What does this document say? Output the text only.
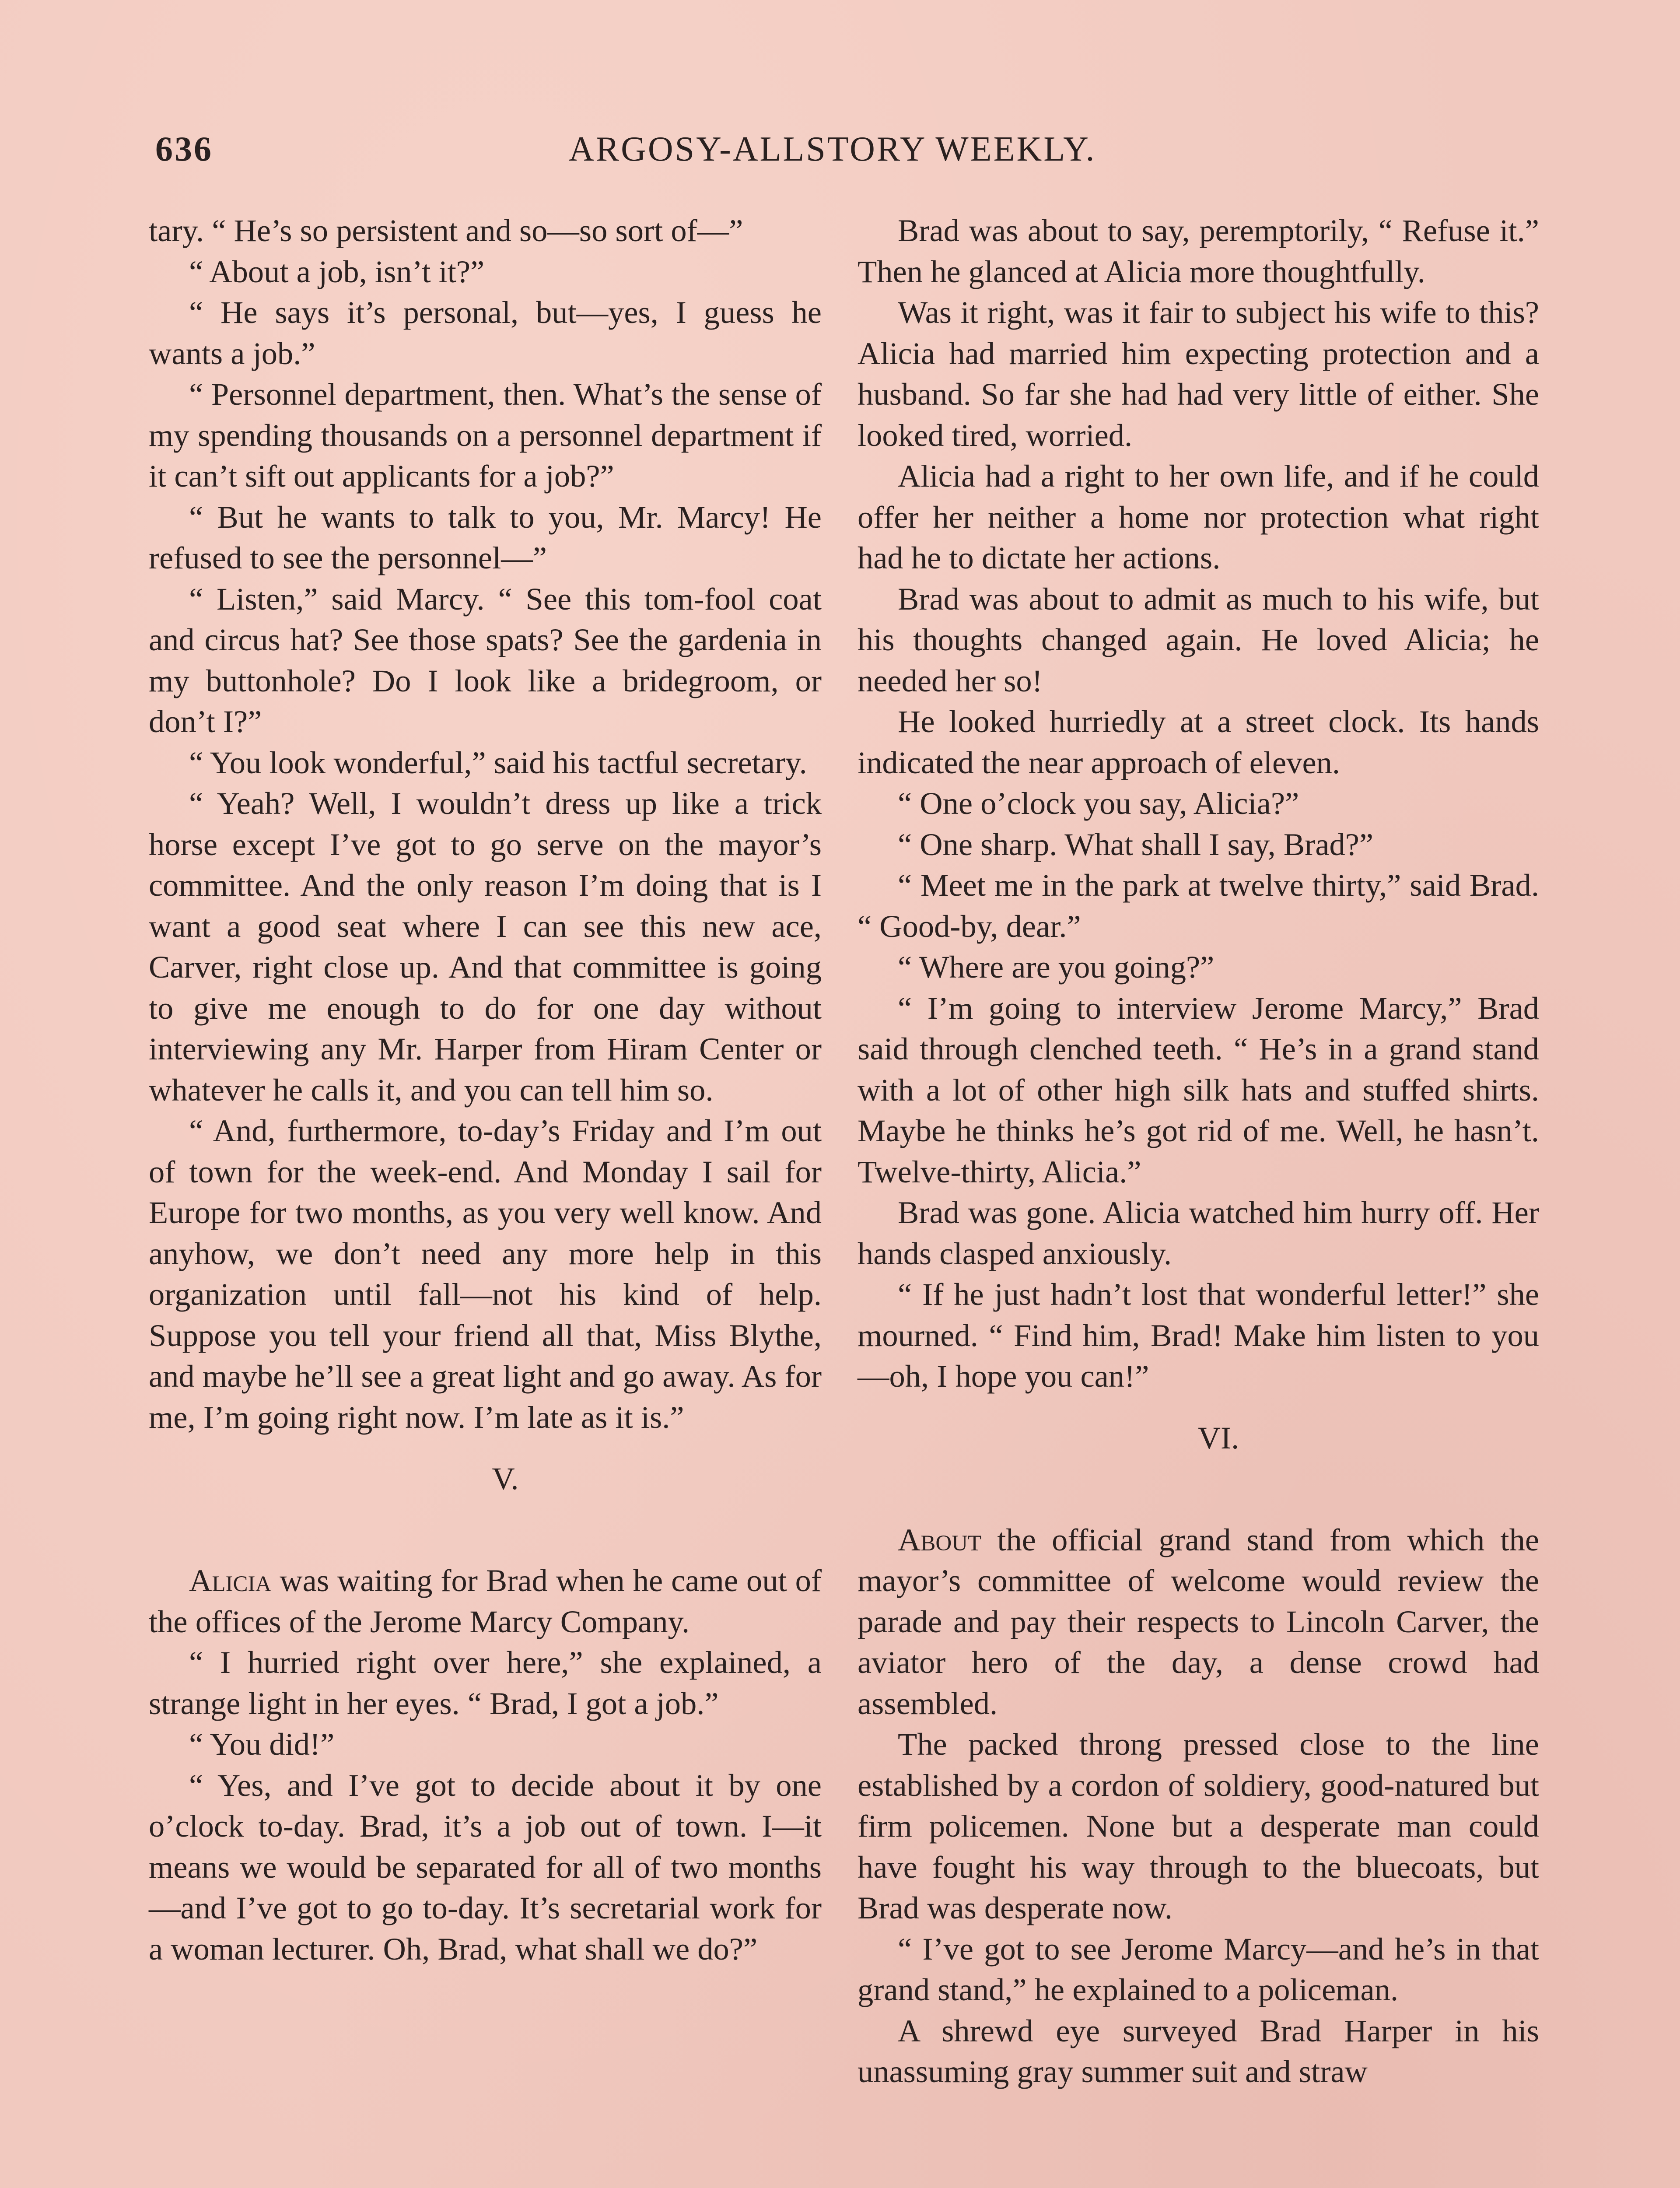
636	ARGOSY-ALLSTORY WEEKLY.

tary. “ He’s so persistent and so—so sort of—”

“ About a job, isn’t it?”

“ He says it’s personal, but—yes, I guess he wants a job.”

“ Personnel department, then. What’s the sense of my spending thousands on a personnel department if it can’t sift out applicants for a job?”

“ But he wants to talk to you, Mr. Marcy! He refused to see the personnel—”

“ Listen,” said Marcy. “ See this tom-fool coat and circus hat? See those spats? See the gardenia in my buttonhole? Do I look like a bridegroom, or don’t I?”

“ You look wonderful,” said his tactful secretary.

“ Yeah? Well, I wouldn’t dress up like a trick horse except I’ve got to go serve on the mayor’s committee. And the only reason I’m doing that is I want a good seat where I can see this new ace, Carver, right close up. And that committee is going to give me enough to do for one day without interviewing any Mr. Harper from Hiram Center or whatever he calls it, and you can tell him so.

“ And, furthermore, to-day’s Friday and I’m out of town for the week-end. And Monday I sail for Europe for two months, as you very well know. And anyhow, we don’t need any more help in this organization until fall—not his kind of help. Suppose you tell your friend all that, Miss Blythe, and maybe he’ll see a great light and go away. As for me, I’m going right now. I’m late as it is.”

V.

Alicia was waiting for Brad when he came out of the offices of the Jerome Marcy Company.

“ I hurried right over here,” she explained, a strange light in her eyes. “ Brad, I got a job.”

“ You did!”

“ Yes, and I’ve got to decide about it by one o’clock to-day. Brad, it’s a job out of town. I—it means we would be separated for all of two months—and I’ve got to go to-day. It’s secretarial work for a woman lecturer. Oh, Brad, what shall we do?”

Brad was about to say, peremptorily, “ Refuse it.” Then he glanced at Alicia more thoughtfully.

Was it right, was it fair to subject his wife to this? Alicia had married him expecting protection and a husband. So far she had had very little of either. She looked tired, worried.

Alicia had a right to her own life, and if he could offer her neither a home nor protection what right had he to dictate her actions.

Brad was about to admit as much to his wife, but his thoughts changed again. He loved Alicia; he needed her so!

He looked hurriedly at a street clock. Its hands indicated the near approach of eleven.

“ One o’clock you say, Alicia?”

“ One sharp. What shall I say, Brad?”

“ Meet me in the park at twelve thirty,” said Brad. “ Good-by, dear.”

“ Where are you going?”

“ I’m going to interview Jerome Marcy,” Brad said through clenched teeth. “ He’s in a grand stand with a lot of other high silk hats and stuffed shirts. Maybe he thinks he’s got rid of me. Well, he hasn’t. Twelve-thirty, Alicia.”

Brad was gone. Alicia watched him hurry off. Her hands clasped anxiously.

“ If he just hadn’t lost that wonderful letter!” she mourned. “ Find him, Brad! Make him listen to you—oh, I hope you can!”

VI.

About the official grand stand from which the mayor’s committee of welcome would review the parade and pay their respects to Lincoln Carver, the aviator hero of the day, a dense crowd had assembled.

The packed throng pressed close to the line established by a cordon of soldiery, good-natured but firm policemen. None but a desperate man could have fought his way through to the bluecoats, but Brad was desperate now.

“ I’ve got to see Jerome Marcy—and he’s in that grand stand,” he explained to a policeman.

A shrewd eye surveyed Brad Harper in his unassuming gray summer suit and straw
